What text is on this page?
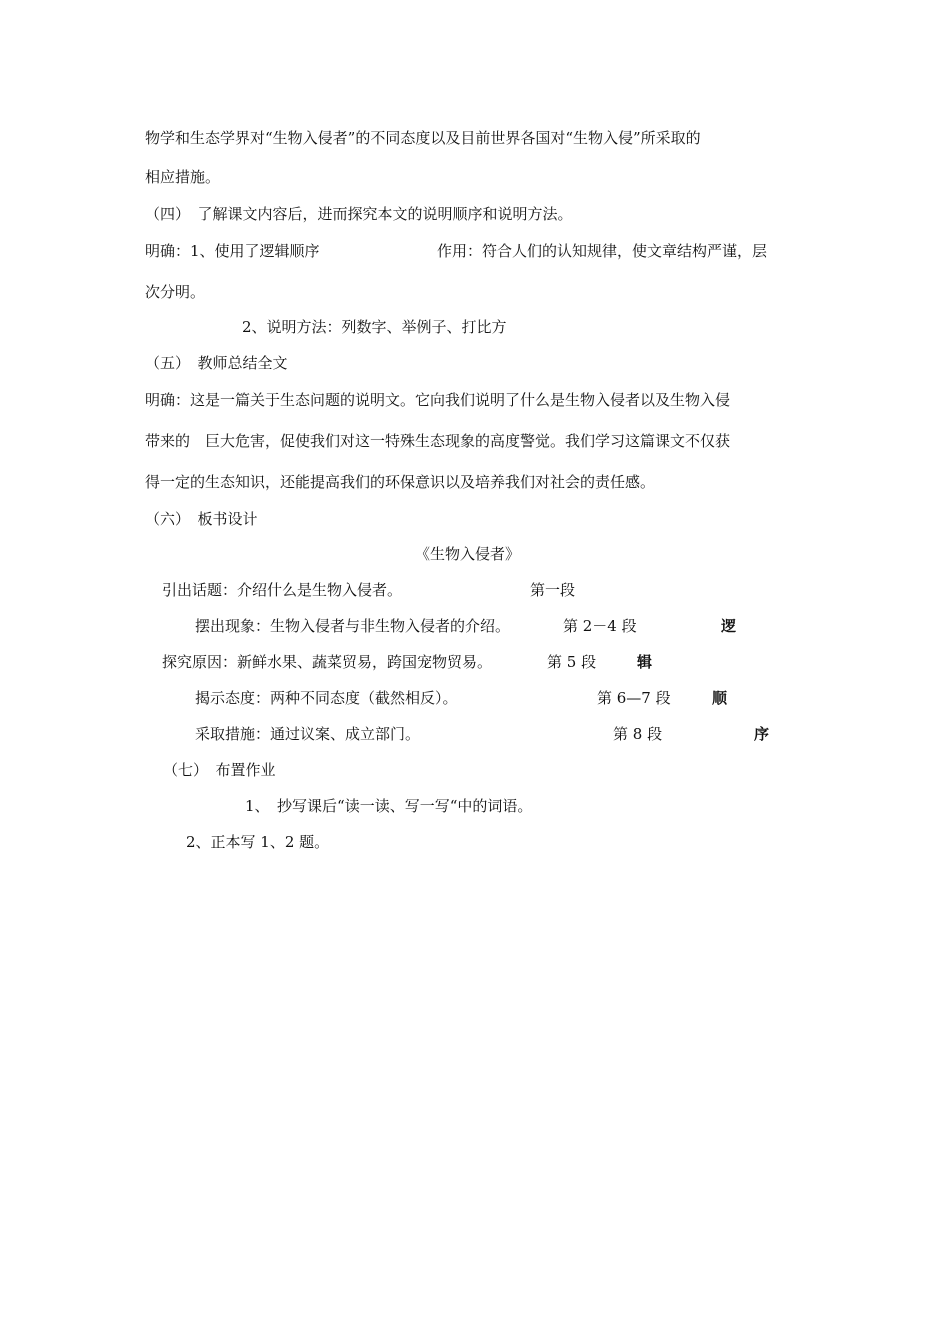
物学和生态学界对“生物入侵者”的不同态度以及目前世界各国对“生物入侵”所采取的
相应措施。
（四）　了解课文内容后，进而探究本文的说明顺序和说明方法。
明确：1、使用了逻辑顺序	作用：符合人们的认知规律，使文章结构严谨，层
次分明。
2、说明方法：列数字、举例子、打比方
（五）　教师总结全文
明确：这是一篇关于生态问题的说明文。它向我们说明了什么是生物入侵者以及生物入侵
带来的　巨大危害，促使我们对这一特殊生态现象的高度警觉。我们学习这篇课文不仅获
得一定的生态知识，还能提高我们的环保意识以及培养我们对社会的责任感。
（六）　板书设计
《生物入侵者》
引出话题：介绍什么是生物入侵者。	第一段
摆出现象：生物入侵者与非生物入侵者的介绍。	第 2－4 段	逻
探究原因：新鲜水果、蔬菜贸易，跨国宠物贸易。	第 5 段	辑
揭示态度：两种不同态度（截然相反）。	第 6—7 段	顺
采取措施：通过议案、成立部门。	第 8 段	序
（七）　布置作业
1、　抄写课后“读一读、写一写“中的词语。
2、正本写 1、2 题。
